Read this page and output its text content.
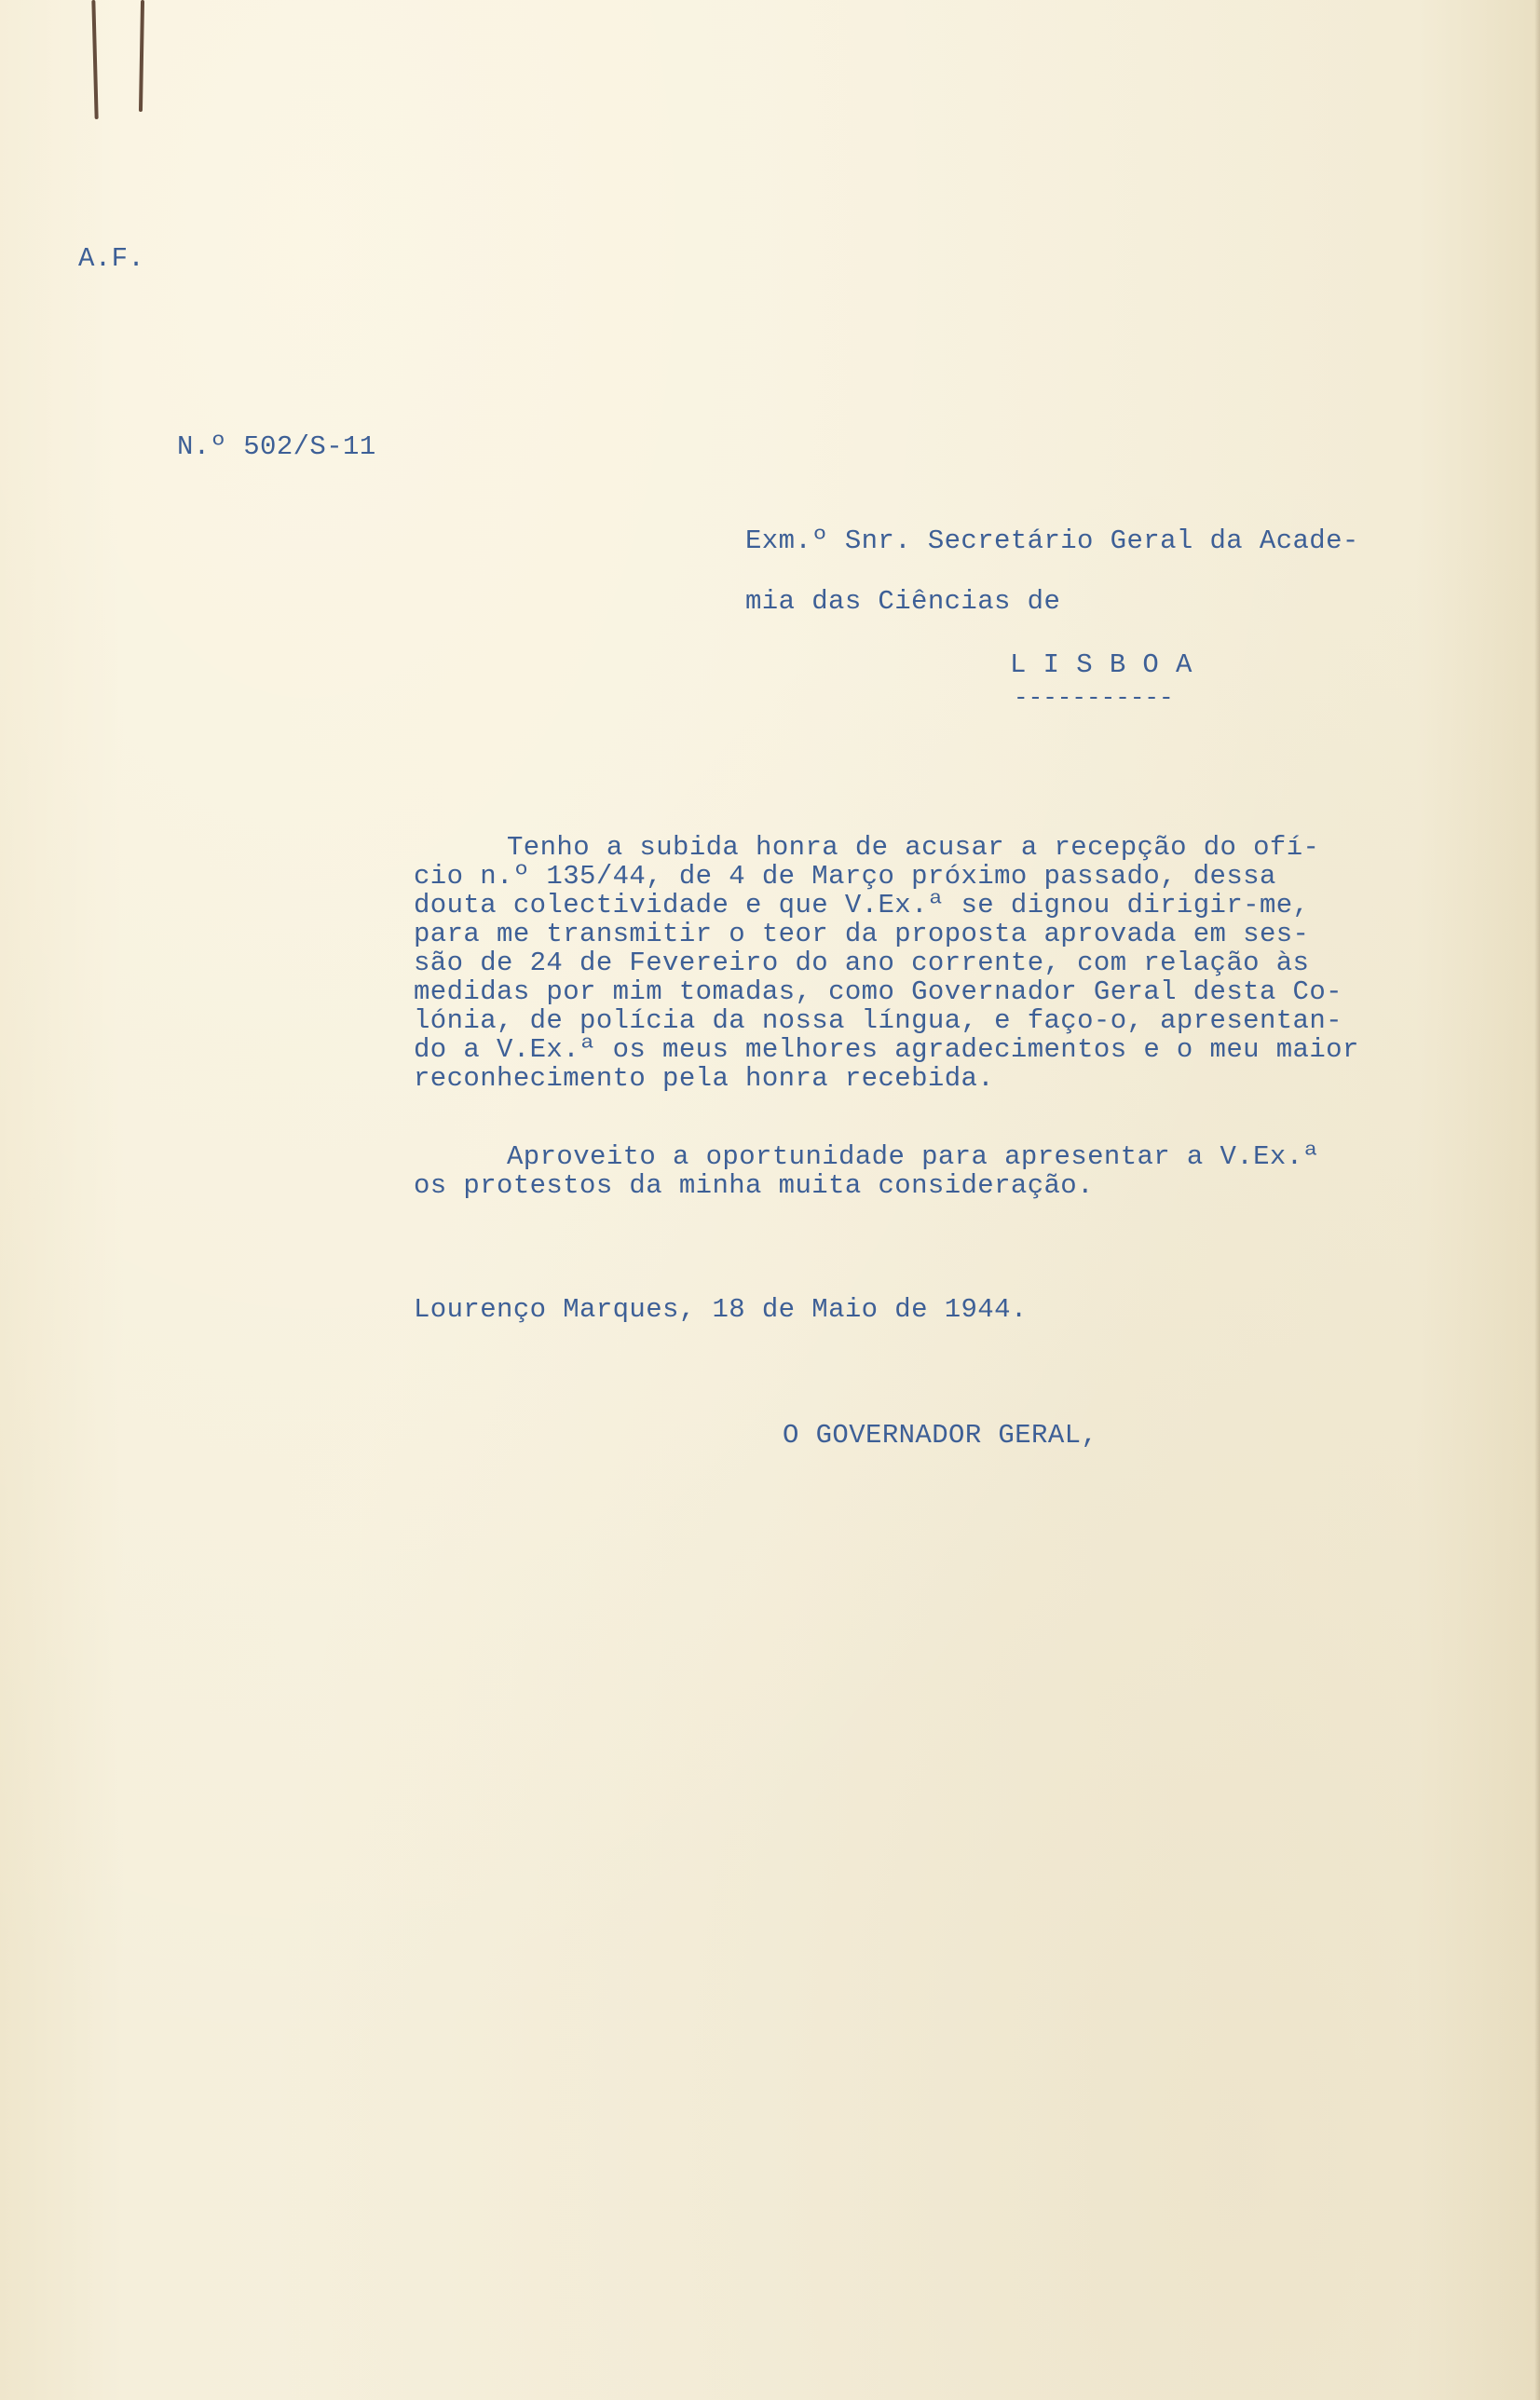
A.F.
N.º 502/S-11
Exm.º Snr. Secretário Geral da Acade-
mia das Ciências de
L I S B O A
-----------
Tenho a subida honra de acusar a recepção do ofí-
cio n.º 135/44, de 4 de Março próximo passado, dessa
douta colectividade e que V.Ex.ª se dignou dirigir-me,
para me transmitir o teor da proposta aprovada em ses-
são de 24 de Fevereiro do ano corrente, com relação às
medidas por mim tomadas, como Governador Geral desta Co-
lónia, de polícia da nossa língua, e faço-o, apresentan-
do a V.Ex.ª os meus melhores agradecimentos e o meu maior
reconhecimento pela honra recebida.
Aproveito a oportunidade para apresentar a V.Ex.ª
os protestos da minha muita consideração.
Lourenço Marques, 18 de Maio de 1944.
O GOVERNADOR GERAL,
